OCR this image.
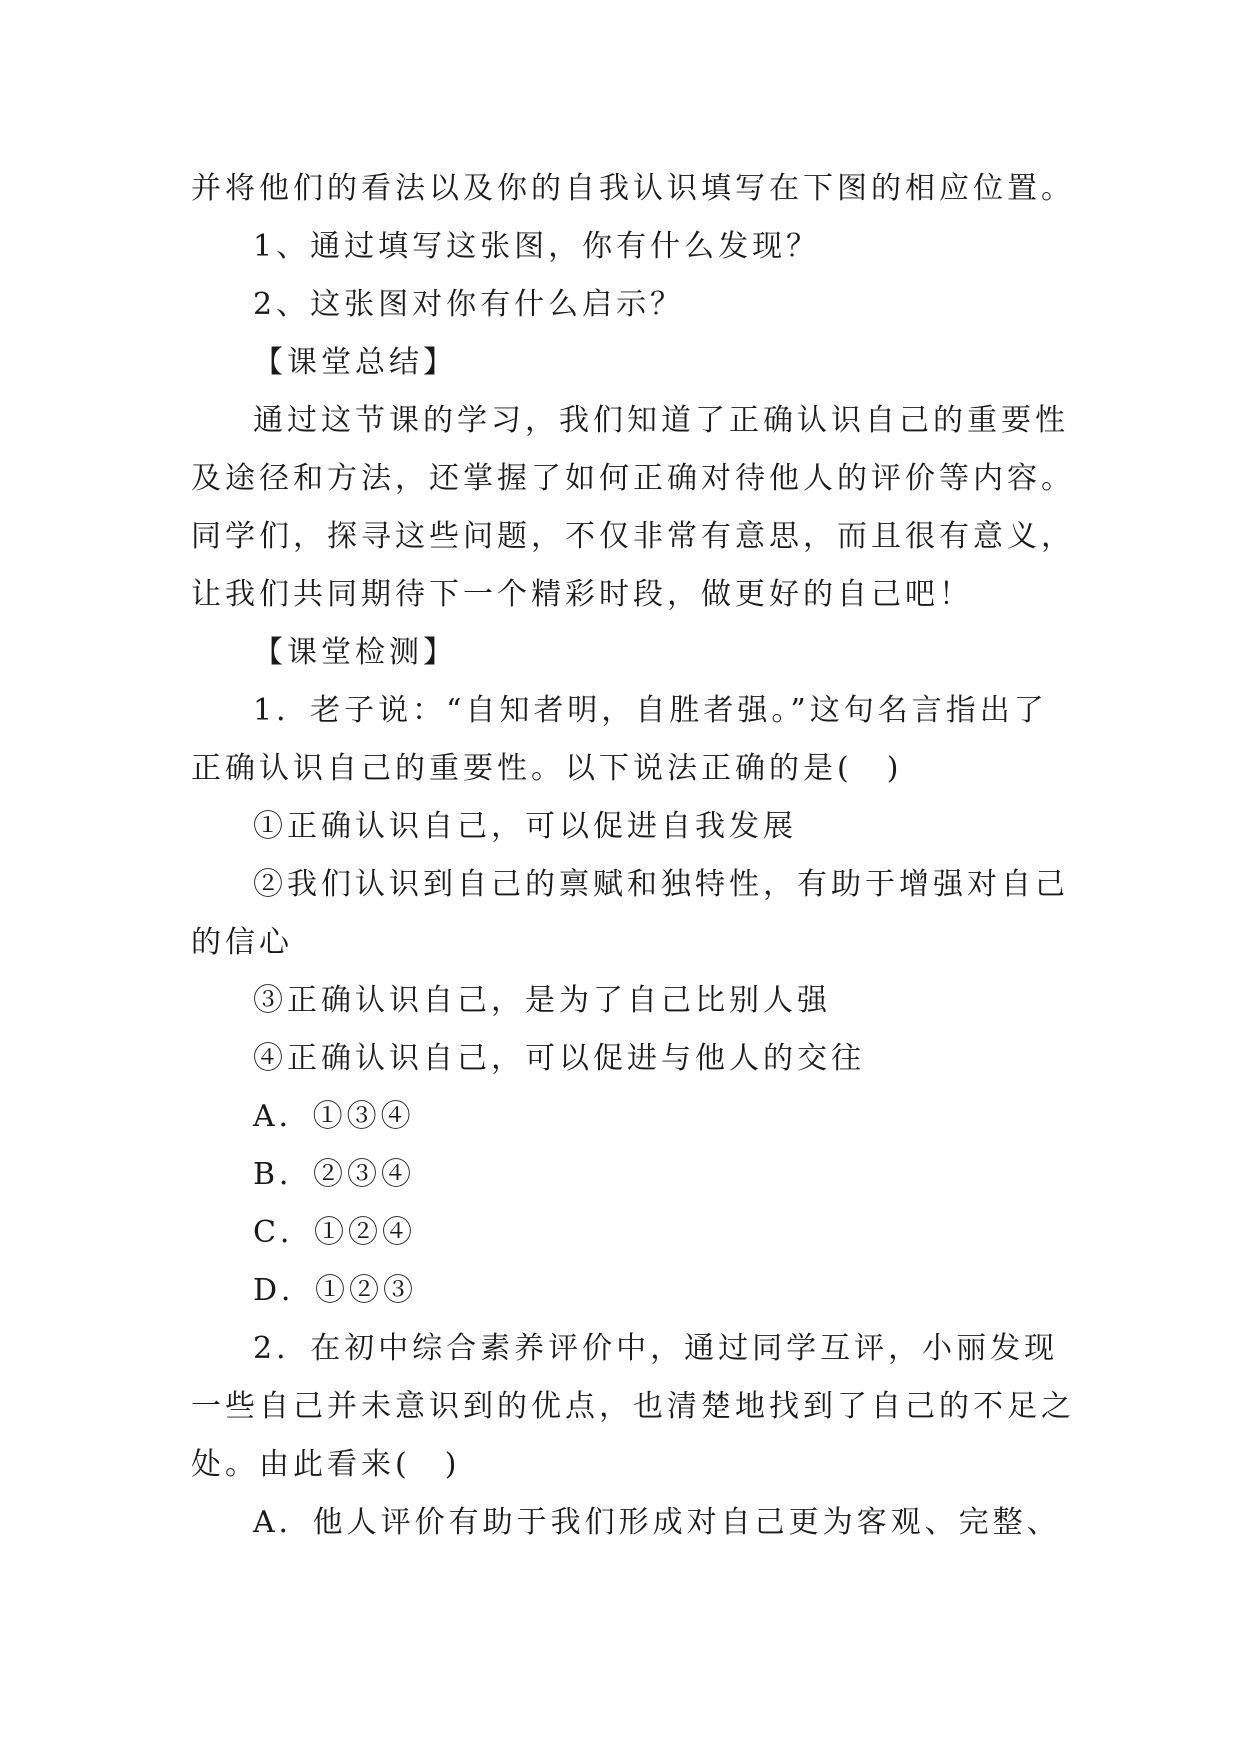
并将他们的看法以及你的自我认识填写在下图的相应位置。
1、通过填写这张图，你有什么发现？
2、这张图对你有什么启示？
【课堂总结】
通过这节课的学习，我们知道了正确认识自己的重要性
及途径和方法，还掌握了如何正确对待他人的评价等内容。
同学们，探寻这些问题，不仅非常有意思，而且很有意义，
让我们共同期待下一个精彩时段，做更好的自己吧！
【课堂检测】
1．老子说：“自知者明，自胜者强。”这句名言指出了
正确认识自己的重要性。以下说法正确的是(　)
①正确认识自己，可以促进自我发展
②我们认识到自己的禀赋和独特性，有助于增强对自己
的信心
③正确认识自己，是为了自己比别人强
④正确认识自己，可以促进与他人的交往
A．①③④
B．②③④
C．①②④
D．①②③
2．在初中综合素养评价中，通过同学互评，小丽发现
一些自己并未意识到的优点，也清楚地找到了自己的不足之
处。由此看来(　)
A．他人评价有助于我们形成对自己更为客观、完整、
